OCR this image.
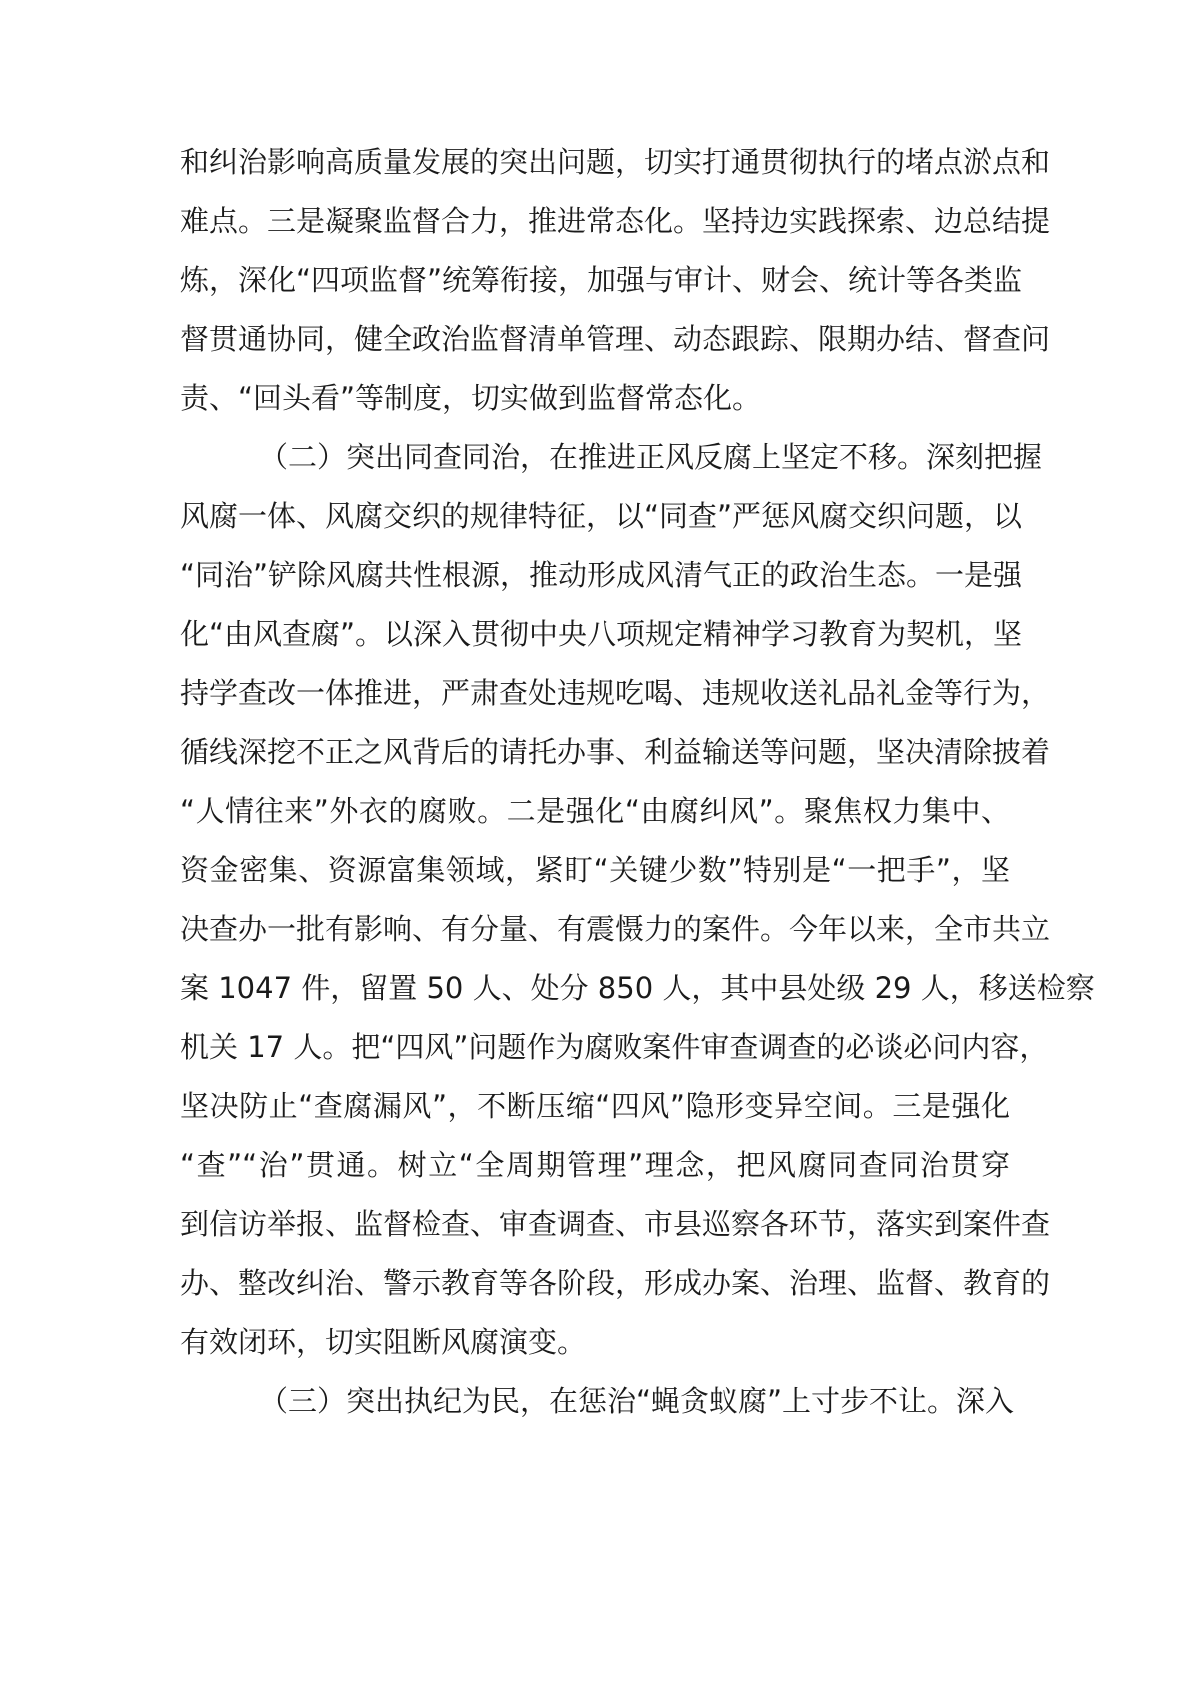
和纠治影响高质量发展的突出问题，切实打通贯彻执行的堵点淤点和
难点。三是凝聚监督合力，推进常态化。坚持边实践探索、边总结提
炼，深化“四项监督”统筹衔接，加强与审计、财会、统计等各类监
督贯通协同，健全政治监督清单管理、动态跟踪、限期办结、督查问
责、“回头看”等制度，切实做到监督常态化。
（二）突出同查同治，在推进正风反腐上坚定不移。深刻把握
风腐一体、风腐交织的规律特征，以“同查”严惩风腐交织问题，以
“同治”铲除风腐共性根源，推动形成风清气正的政治生态。一是强
化“由风查腐”。以深入贯彻中央八项规定精神学习教育为契机，坚
持学查改一体推进，严肃查处违规吃喝、违规收送礼品礼金等行为，
循线深挖不正之风背后的请托办事、利益输送等问题，坚决清除披着
“人情往来”外衣的腐败。二是强化“由腐纠风”。聚焦权力集中、
资金密集、资源富集领域，紧盯“关键少数”特别是“一把手”，坚
决查办一批有影响、有分量、有震慑力的案件。今年以来，全市共立
案 1047 件，留置 50 人、处分 850 人，其中县处级 29 人，移送检察
机关 17 人。把“四风”问题作为腐败案件审查调查的必谈必问内容，
坚决防止“查腐漏风”，不断压缩“四风”隐形变异空间。三是强化
“查”“治”贯通。树立“全周期管理”理念，把风腐同查同治贯穿
到信访举报、监督检查、审查调查、市县巡察各环节，落实到案件查
办、整改纠治、警示教育等各阶段，形成办案、治理、监督、教育的
有效闭环，切实阻断风腐演变。
（三）突出执纪为民，在惩治“蝇贪蚁腐”上寸步不让。深入
